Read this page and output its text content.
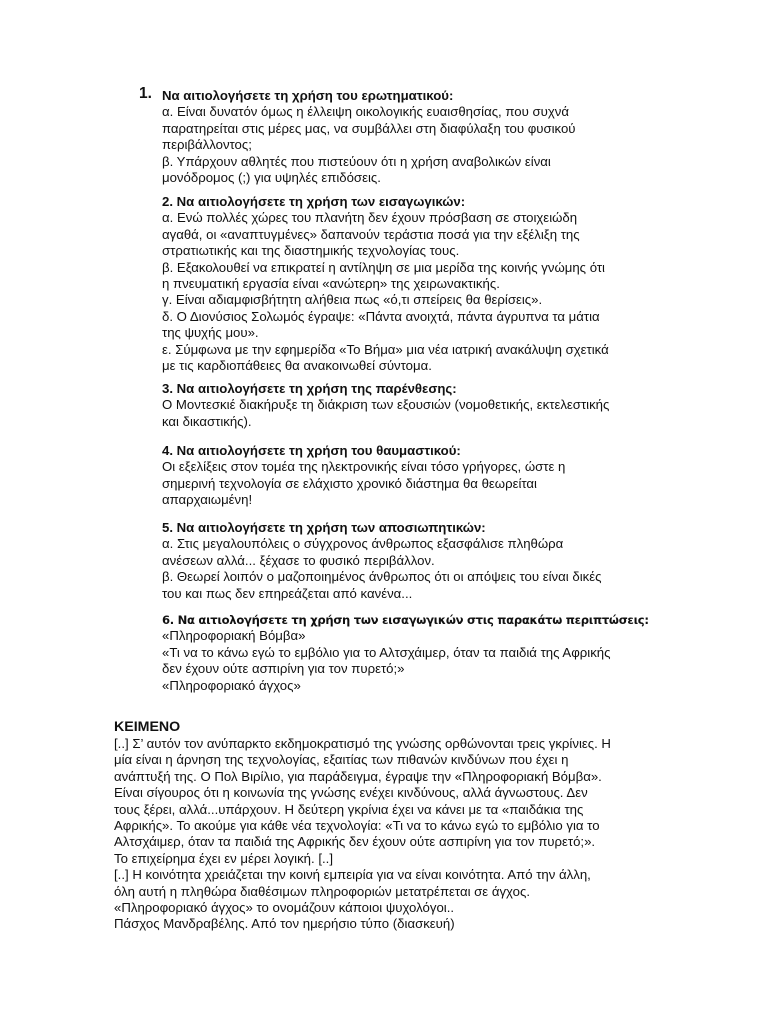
1. Να αιτιολογήσετε τη χρήση του ερωτηματικού:
α. Είναι δυνατόν όμως η έλλειψη οικολογικής ευαισθησίας, που συχνά
παρατηρείται στις μέρες μας, να συμβάλλει στη διαφύλαξη του φυσικού
περιβάλλοντος;
β. Υπάρχουν αθλητές που πιστεύουν ότι η χρήση αναβολικών είναι
μονόδρομος (;) για υψηλές επιδόσεις.
2. Να αιτιολογήσετε τη χρήση των εισαγωγικών:
α. Ενώ πολλές χώρες του πλανήτη δεν έχουν πρόσβαση σε στοιχειώδη
αγαθά, οι «αναπτυγμένες» δαπανούν τεράστια ποσά για την εξέλιξη της
στρατιωτικής και της διαστημικής τεχνολογίας τους.
β. Εξακολουθεί να επικρατεί η αντίληψη σε μια μερίδα της κοινής γνώμης ότι
η πνευματική εργασία είναι «ανώτερη» της χειρωνακτικής.
γ. Είναι αδιαμφισβήτητη αλήθεια πως «ό,τι σπείρεις θα θερίσεις».
δ. Ο Διονύσιος Σολωμός έγραψε: «Πάντα ανοιχτά, πάντα άγρυπνα τα μάτια
της ψυχής μου».
ε. Σύμφωνα με την εφημερίδα «Το Βήμα» μια νέα ιατρική ανακάλυψη σχετικά
με τις καρδιοπάθειες θα ανακοινωθεί σύντομα.
3. Να αιτιολογήσετε τη χρήση της παρένθεσης:
Ο Μοντεσκιέ διακήρυξε τη διάκριση των εξουσιών (νομοθετικής, εκτελεστικής
και δικαστικής).
4. Να αιτιολογήσετε τη χρήση του θαυμαστικού:
Οι εξελίξεις στον τομέα της ηλεκτρονικής είναι τόσο γρήγορες, ώστε η
σημερινή τεχνολογία σε ελάχιστο χρονικό διάστημα θα θεωρείται
απαρχαιωμένη!
5. Να αιτιολογήσετε τη χρήση των αποσιωπητικών:
α. Στις μεγαλουπόλεις ο σύγχρονος άνθρωπος εξασφάλισε πληθώρα
ανέσεων αλλά... ξέχασε το φυσικό περιβάλλον.
β. Θεωρεί λοιπόν ο μαζοποιημένος άνθρωπος ότι οι απόψεις του είναι δικές
του και πως δεν επηρεάζεται από κανένα...
6. Να αιτιολογήσετε τη χρήση των εισαγωγικών στις παρακάτω περιπτώσεις:
«Πληροφοριακή Βόμβα»
«Τι να το κάνω εγώ το εμβόλιο για το Αλτσχάιμερ, όταν τα παιδιά της Αφρικής
δεν έχουν ούτε ασπιρίνη για τον πυρετό;»
«Πληροφοριακό άγχος»
ΚΕΙΜΕΝΟ
[..] Σ’ αυτόν τον ανύπαρκτο εκδημοκρατισμό της γνώσης ορθώνονται τρεις γκρίνιες. Η
μία είναι η άρνηση της τεχνολογίας, εξαιτίας των πιθανών κινδύνων που έχει η
ανάπτυξή της. Ο Πολ Βιρίλιο, για παράδειγμα, έγραψε την «Πληροφοριακή Βόμβα».
Είναι σίγουρος ότι η κοινωνία της γνώσης ενέχει κινδύνους, αλλά άγνωστους. Δεν
τους ξέρει, αλλά...υπάρχουν. Η δεύτερη γκρίνια έχει να κάνει με τα «παιδάκια της
Αφρικής». Το ακούμε για κάθε νέα τεχνολογία: «Τι να το κάνω εγώ το εμβόλιο για το
Αλτσχάιμερ, όταν τα παιδιά της Αφρικής δεν έχουν ούτε ασπιρίνη για τον πυρετό;».
Το επιχείρημα έχει εν μέρει λογική. [..]
[..] Η κοινότητα χρειάζεται την κοινή εμπειρία για να είναι κοινότητα. Από την άλλη,
όλη αυτή η πληθώρα διαθέσιμων πληροφοριών μετατρέπεται σε άγχος.
«Πληροφοριακό άγχος» το ονομάζουν κάποιοι ψυχολόγοι..
Πάσχος Μανδραβέλης. Από τον ημερήσιο τύπο (διασκευή)
